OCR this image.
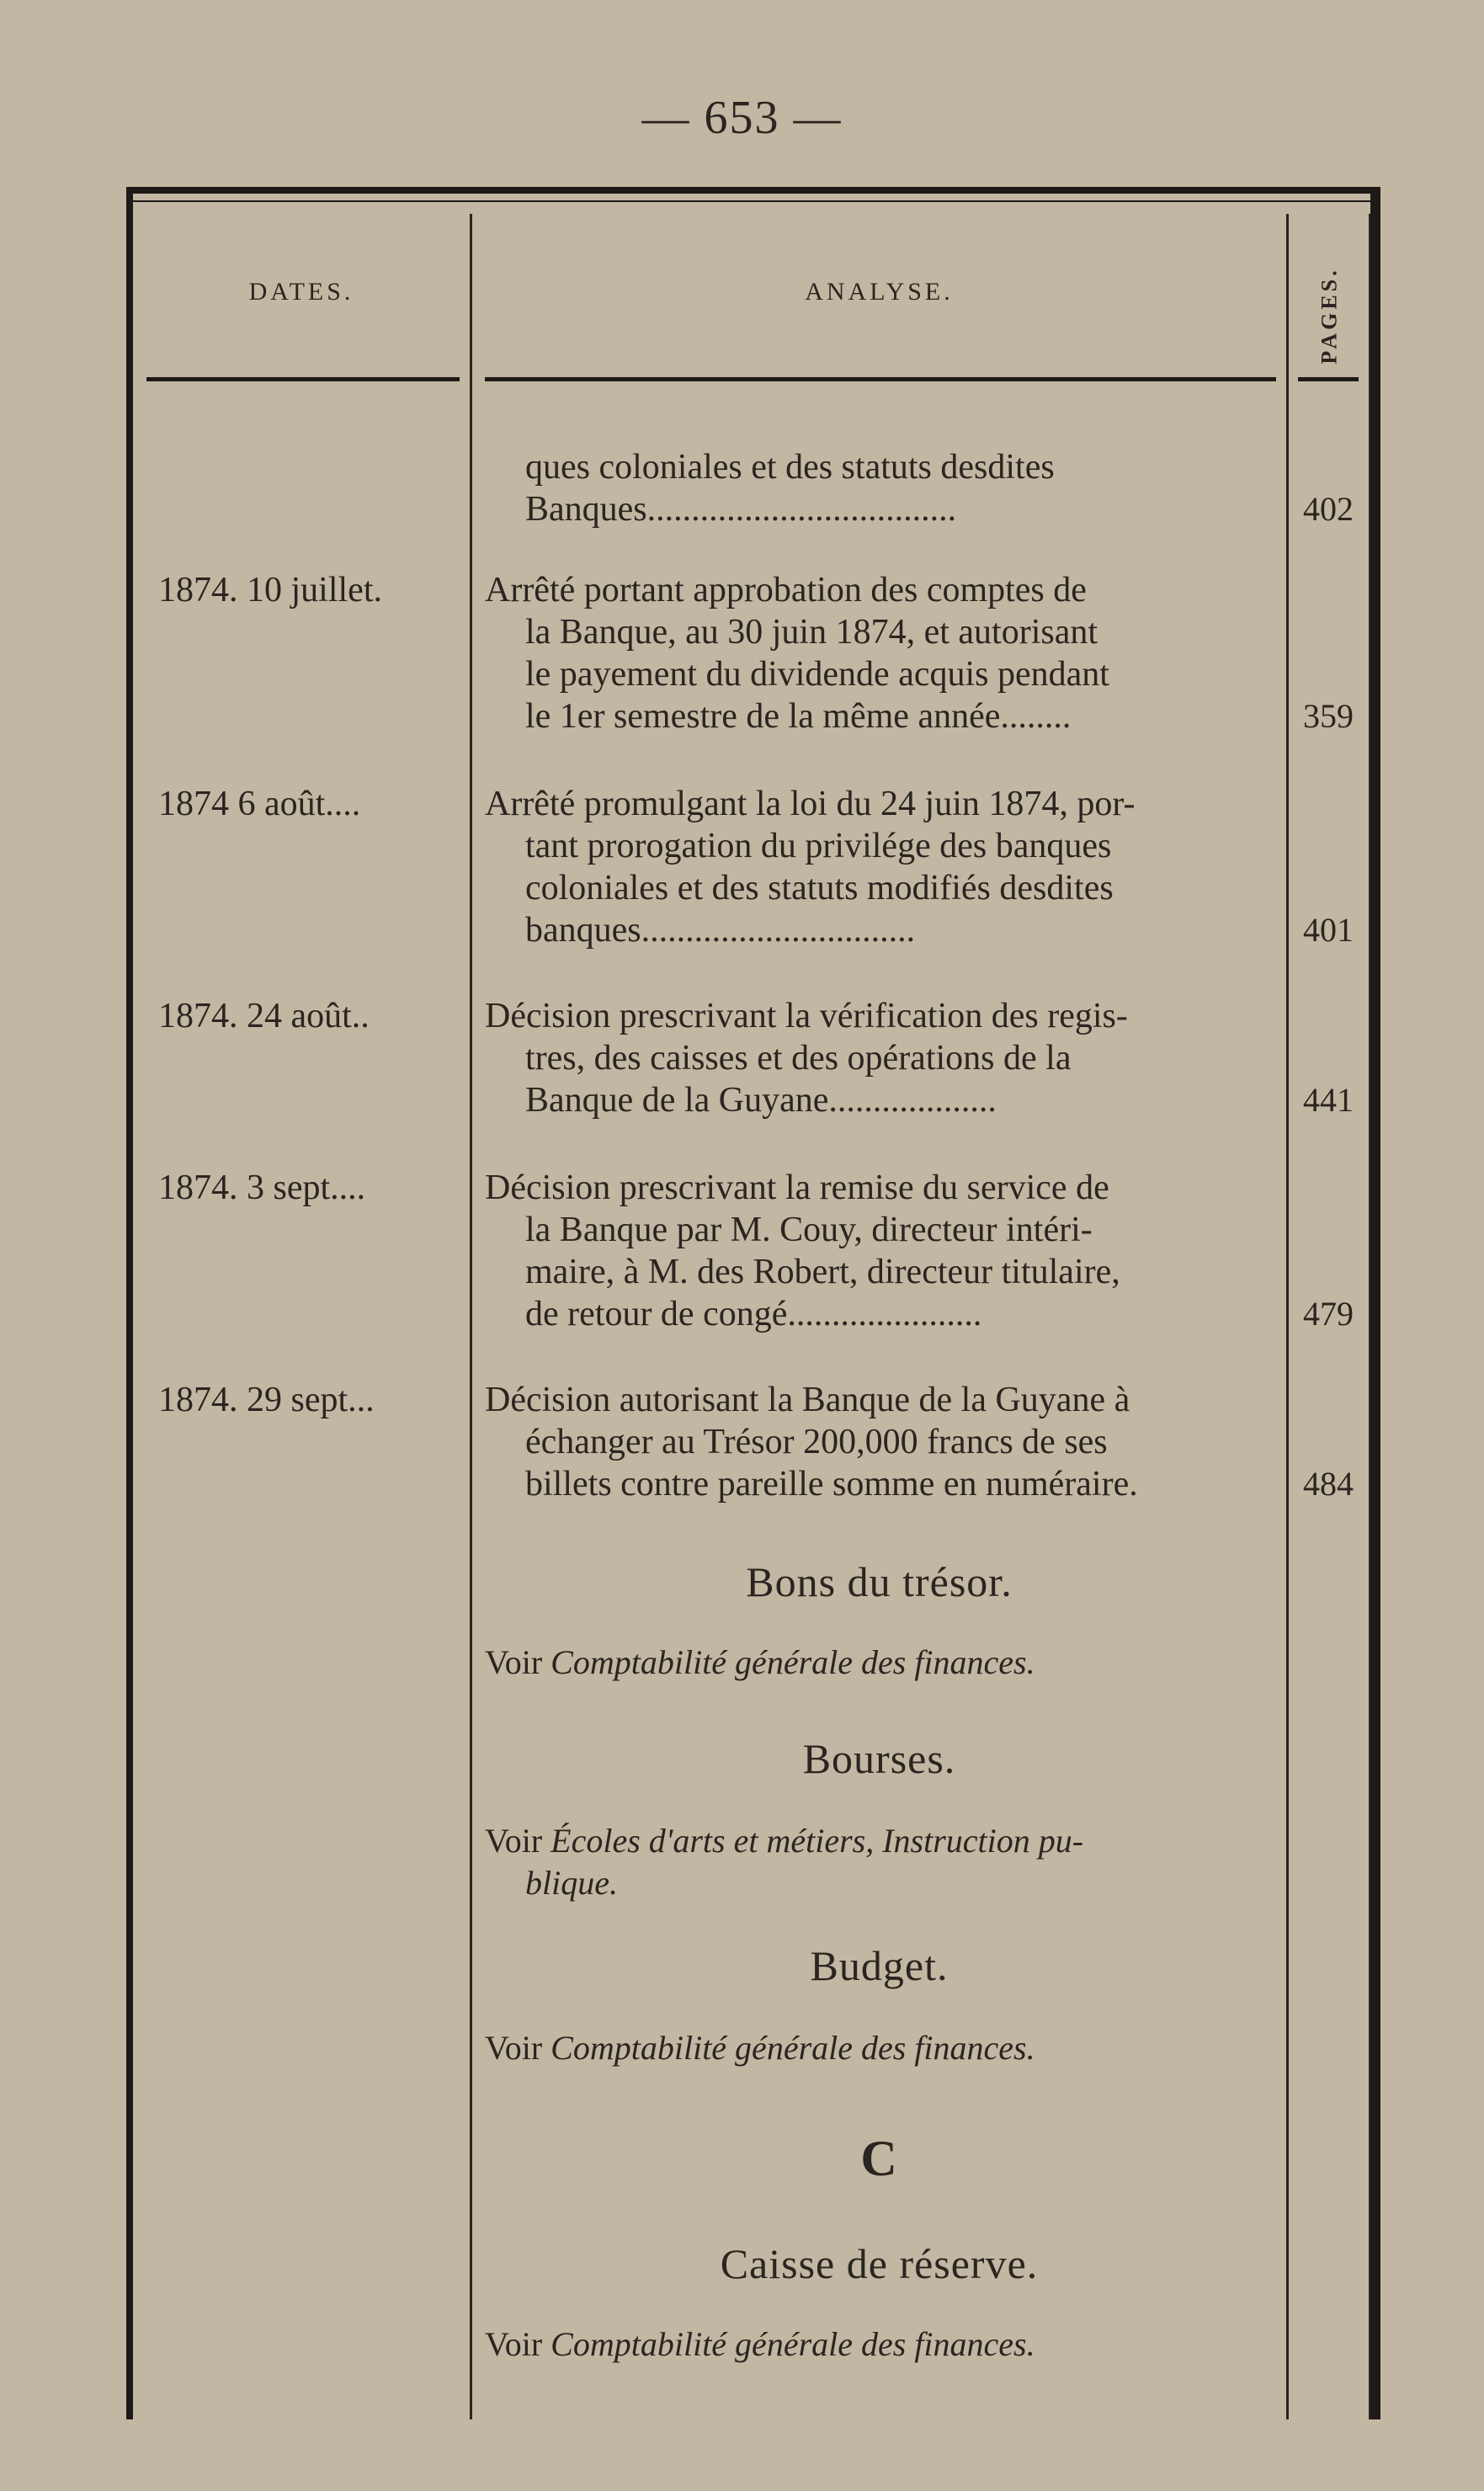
— 653 —
DATES.	ANALYSE.	PAGES.
ques coloniales et des statuts desdites
Banques...................................	402
1874. 10 juillet.	Arrêté portant approbation des comptes de
la Banque, au 30 juin 1874, et autorisant
le payement du dividende acquis pendant
le 1er semestre de la même année........	359
1874 6 août....	Arrêté promulgant la loi du 24 juin 1874, por-
tant prorogation du privilége des banques
coloniales et des statuts modifiés desdites
banques...............................	401
1874. 24 août..	Décision prescrivant la vérification des regis-
tres, des caisses et des opérations de la
Banque de la Guyane...................	441
1874. 3 sept....	Décision prescrivant la remise du service de
la Banque par M. Couy, directeur intéri-
maire, à M. des Robert, directeur titulaire,
de retour de congé......................	479
1874. 29 sept...	Décision autorisant la Banque de la Guyane à
échanger au Trésor 200,000 francs de ses
billets contre pareille somme en numéraire.	484
Bons du trésor.
Voir Comptabilité générale des finances.
Bourses.
Voir Écoles d'arts et métiers, Instruction pu-
blique.
Budget.
Voir Comptabilité générale des finances.
C
Caisse de réserve.
Voir Comptabilité générale des finances.
